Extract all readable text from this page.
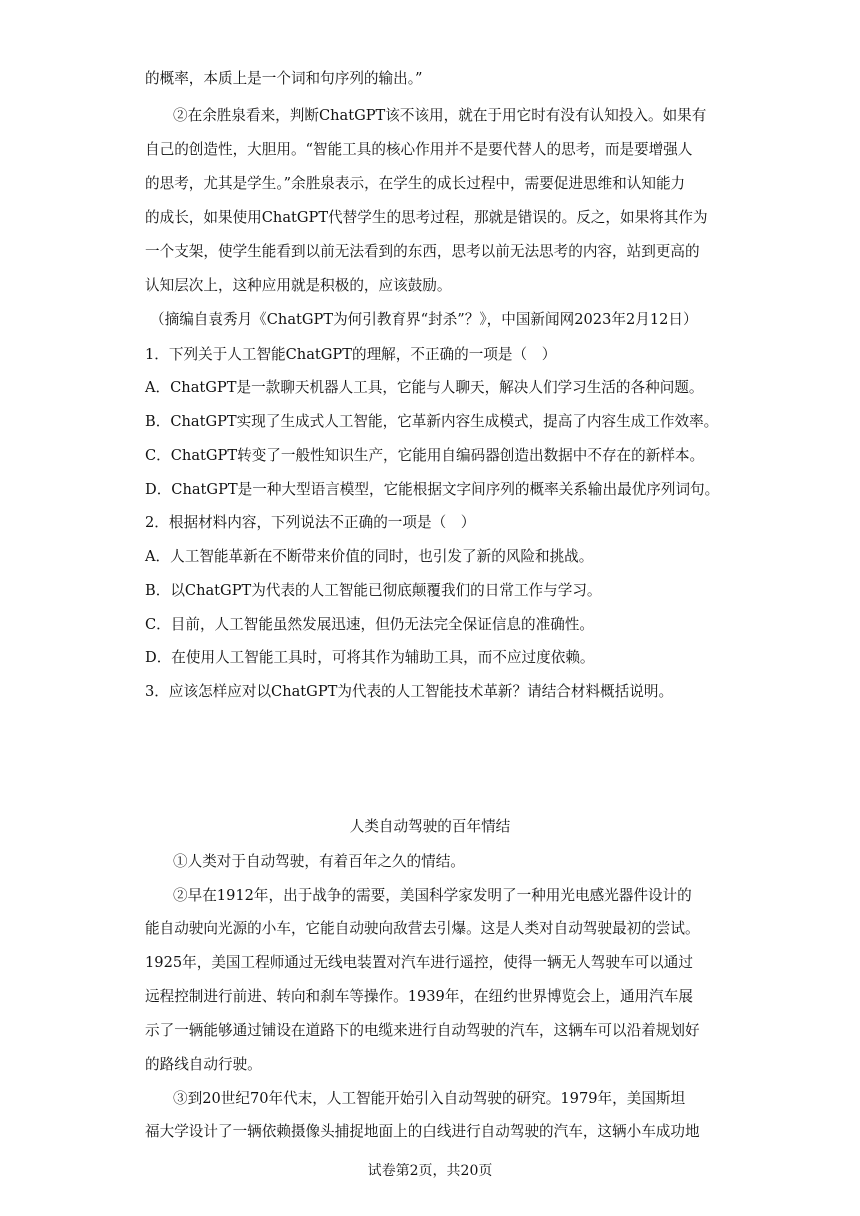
的概率，本质上是一个词和句序列的输出。”
②在余胜泉看来，判断ChatGPT该不该用，就在于用它时有没有认知投入。如果有
自己的创造性，大胆用。“智能工具的核心作用并不是要代替人的思考，而是要增强人
的思考，尤其是学生。”余胜泉表示，在学生的成长过程中，需要促进思维和认知能力
的成长，如果使用ChatGPT代替学生的思考过程，那就是错误的。反之，如果将其作为
一个支架，使学生能看到以前无法看到的东西，思考以前无法思考的内容，站到更高的
认知层次上，这种应用就是积极的，应该鼓励。
（摘编自袁秀月《ChatGPT为何引教育界“封杀”？》，中国新闻网2023年2月12日）
1．下列关于人工智能ChatGPT的理解，不正确的一项是（　）
A．ChatGPT是一款聊天机器人工具，它能与人聊天，解决人们学习生活的各种问题。
B．ChatGPT实现了生成式人工智能，它革新内容生成模式，提高了内容生成工作效率。
C．ChatGPT转变了一般性知识生产，它能用自编码器创造出数据中不存在的新样本。
D．ChatGPT是一种大型语言模型，它能根据文字间序列的概率关系输出最优序列词句。
2．根据材料内容，下列说法不正确的一项是（　）
A．人工智能革新在不断带来价值的同时，也引发了新的风险和挑战。
B．以ChatGPT为代表的人工智能已彻底颠覆我们的日常工作与学习。
C．目前，人工智能虽然发展迅速，但仍无法完全保证信息的准确性。
D．在使用人工智能工具时，可将其作为辅助工具，而不应过度依赖。
3．应该怎样应对以ChatGPT为代表的人工智能技术革新？请结合材料概括说明。
人类自动驾驶的百年情结
①人类对于自动驾驶，有着百年之久的情结。
②早在1912年，出于战争的需要，美国科学家发明了一种用光电感光器件设计的
能自动驶向光源的小车，它能自动驶向敌营去引爆。这是人类对自动驾驶最初的尝试。
1925年，美国工程师通过无线电装置对汽车进行遥控，使得一辆无人驾驶车可以通过
远程控制进行前进、转向和刹车等操作。1939年，在纽约世界博览会上，通用汽车展
示了一辆能够通过铺设在道路下的电缆来进行自动驾驶的汽车，这辆车可以沿着规划好
的路线自动行驶。
③到20世纪70年代末，人工智能开始引入自动驾驶的研究。1979年，美国斯坦
福大学设计了一辆依赖摄像头捕捉地面上的白线进行自动驾驶的汽车，这辆小车成功地
试卷第2页，共20页
